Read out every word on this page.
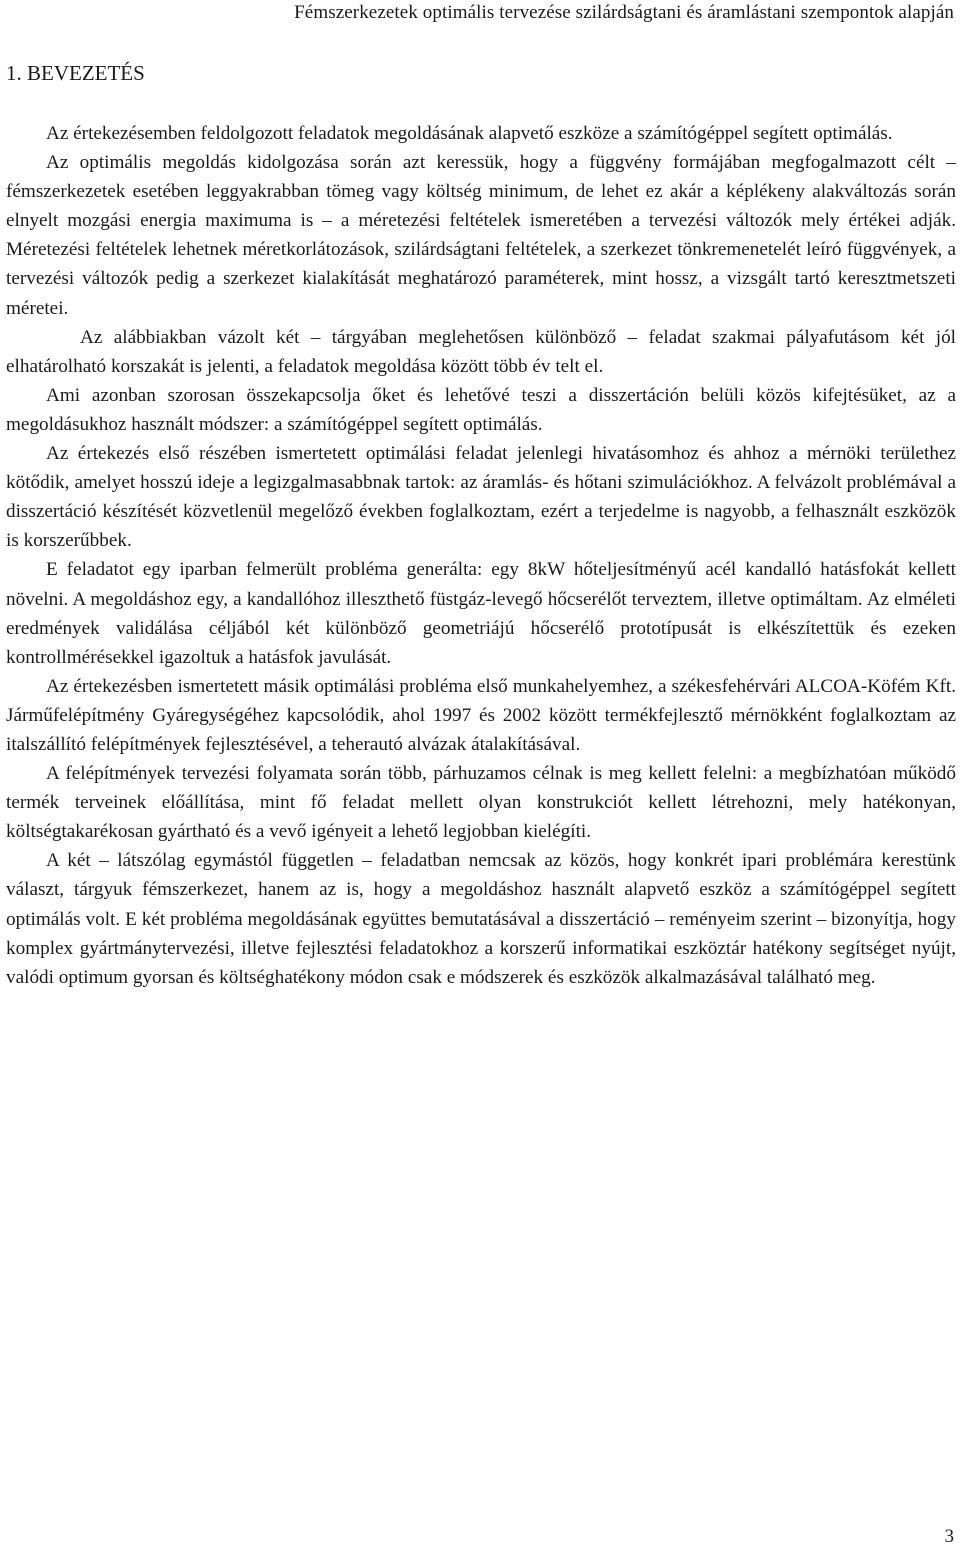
Fémszerkezetek optimális tervezése szilárdságtani és áramlástani szempontok alapján
1. BEVEZETÉS

Az értekezésemben feldolgozott feladatok megoldásának alapvető eszköze a számítógéppel segített optimálás.

Az optimális megoldás kidolgozása során azt keressük, hogy a függvény formájában megfogalmazott célt – fémszerkezetek esetében leggyakrabban tömeg vagy költség minimum, de lehet ez akár a képlékeny alakváltozás során elnyelt mozgási energia maximuma is – a méretezési feltételek ismeretében a tervezési változók mely értékei adják. Méretezési feltételek lehetnek méretkorlátozások, szilárdságtani feltételek, a szerkezet tönkremenetelét leíró függvények, a tervezési változók pedig a szerkezet kialakítását meghatározó paraméterek, mint hossz, a vizsgált tartó keresztmetszeti méretei.

Az alábbiakban vázolt két – tárgyában meglehetősen különböző – feladat szakmai pályafutásom két jól elhatárolható korszakát is jelenti, a feladatok megoldása között több év telt el.

Ami azonban szorosan összekapcsolja őket és lehetővé teszi a disszertáción belüli közös kifejtésüket, az a megoldásukhoz használt módszer: a számítógéppel segített optimálás.

Az értekezés első részében ismertetett optimálási feladat jelenlegi hivatásomhoz és ahhoz a mérnöki területhez kötődik, amelyet hosszú ideje a legizgalmasabbnak tartok: az áramlás- és hőtani szimulációkhoz. A felvázolt problémával a disszertáció készítését közvetlenül megelőző években foglalkoztam, ezért a terjedelme is nagyobb, a felhasznált eszközök is korszerűbbek.

E feladatot egy iparban felmerült probléma generálta: egy 8kW hőteljesítményű acél kandalló hatásfokát kellett növelni. A megoldáshoz egy, a kandallóhoz illeszthető füstgáz-levegő hőcserélőt terveztem, illetve optimáltam. Az elméleti eredmények validálása céljából két különböző geometriájú hőcserélő prototípusát is elkészítettük és ezeken kontrollmérésekkel igazoltuk a hatásfok javulását.

Az értekezésben ismertetett másik optimálási probléma első munkahelyemhez, a székesfehérvári ALCOA-Köfém Kft. Járműfelépítmény Gyáregységéhez kapcsolódik, ahol 1997 és 2002 között termékfejlesztő mérnökként foglalkoztam az italszállító felépítmények fejlesztésével, a teherautó alvázak átalakításával.

A felépítmények tervezési folyamata során több, párhuzamos célnak is meg kellett felelni: a megbízhatóan működő termék terveinek előállítása, mint fő feladat mellett olyan konstrukciót kellett létrehozni, mely hatékonyan, költségtakarékosan gyártható és a vevő igényeit a lehető legjobban kielégíti.

A két – látszólag egymástól független – feladatban nemcsak az közös, hogy konkrét ipari problémára kerestünk választ, tárgyuk fémszerkezet, hanem az is, hogy a megoldáshoz használt alapvető eszköz a számítógéppel segített optimálás volt. E két probléma megoldásának együttes bemutatásával a disszertáció – reményeim szerint – bizonyítja, hogy komplex gyártmánytervezési, illetve fejlesztési feladatokhoz a korszerű informatikai eszköztár hatékony segítséget nyújt, valódi optimum gyorsan és költséghatékony módon csak e módszerek és eszközök alkalmazásával található meg.

3
